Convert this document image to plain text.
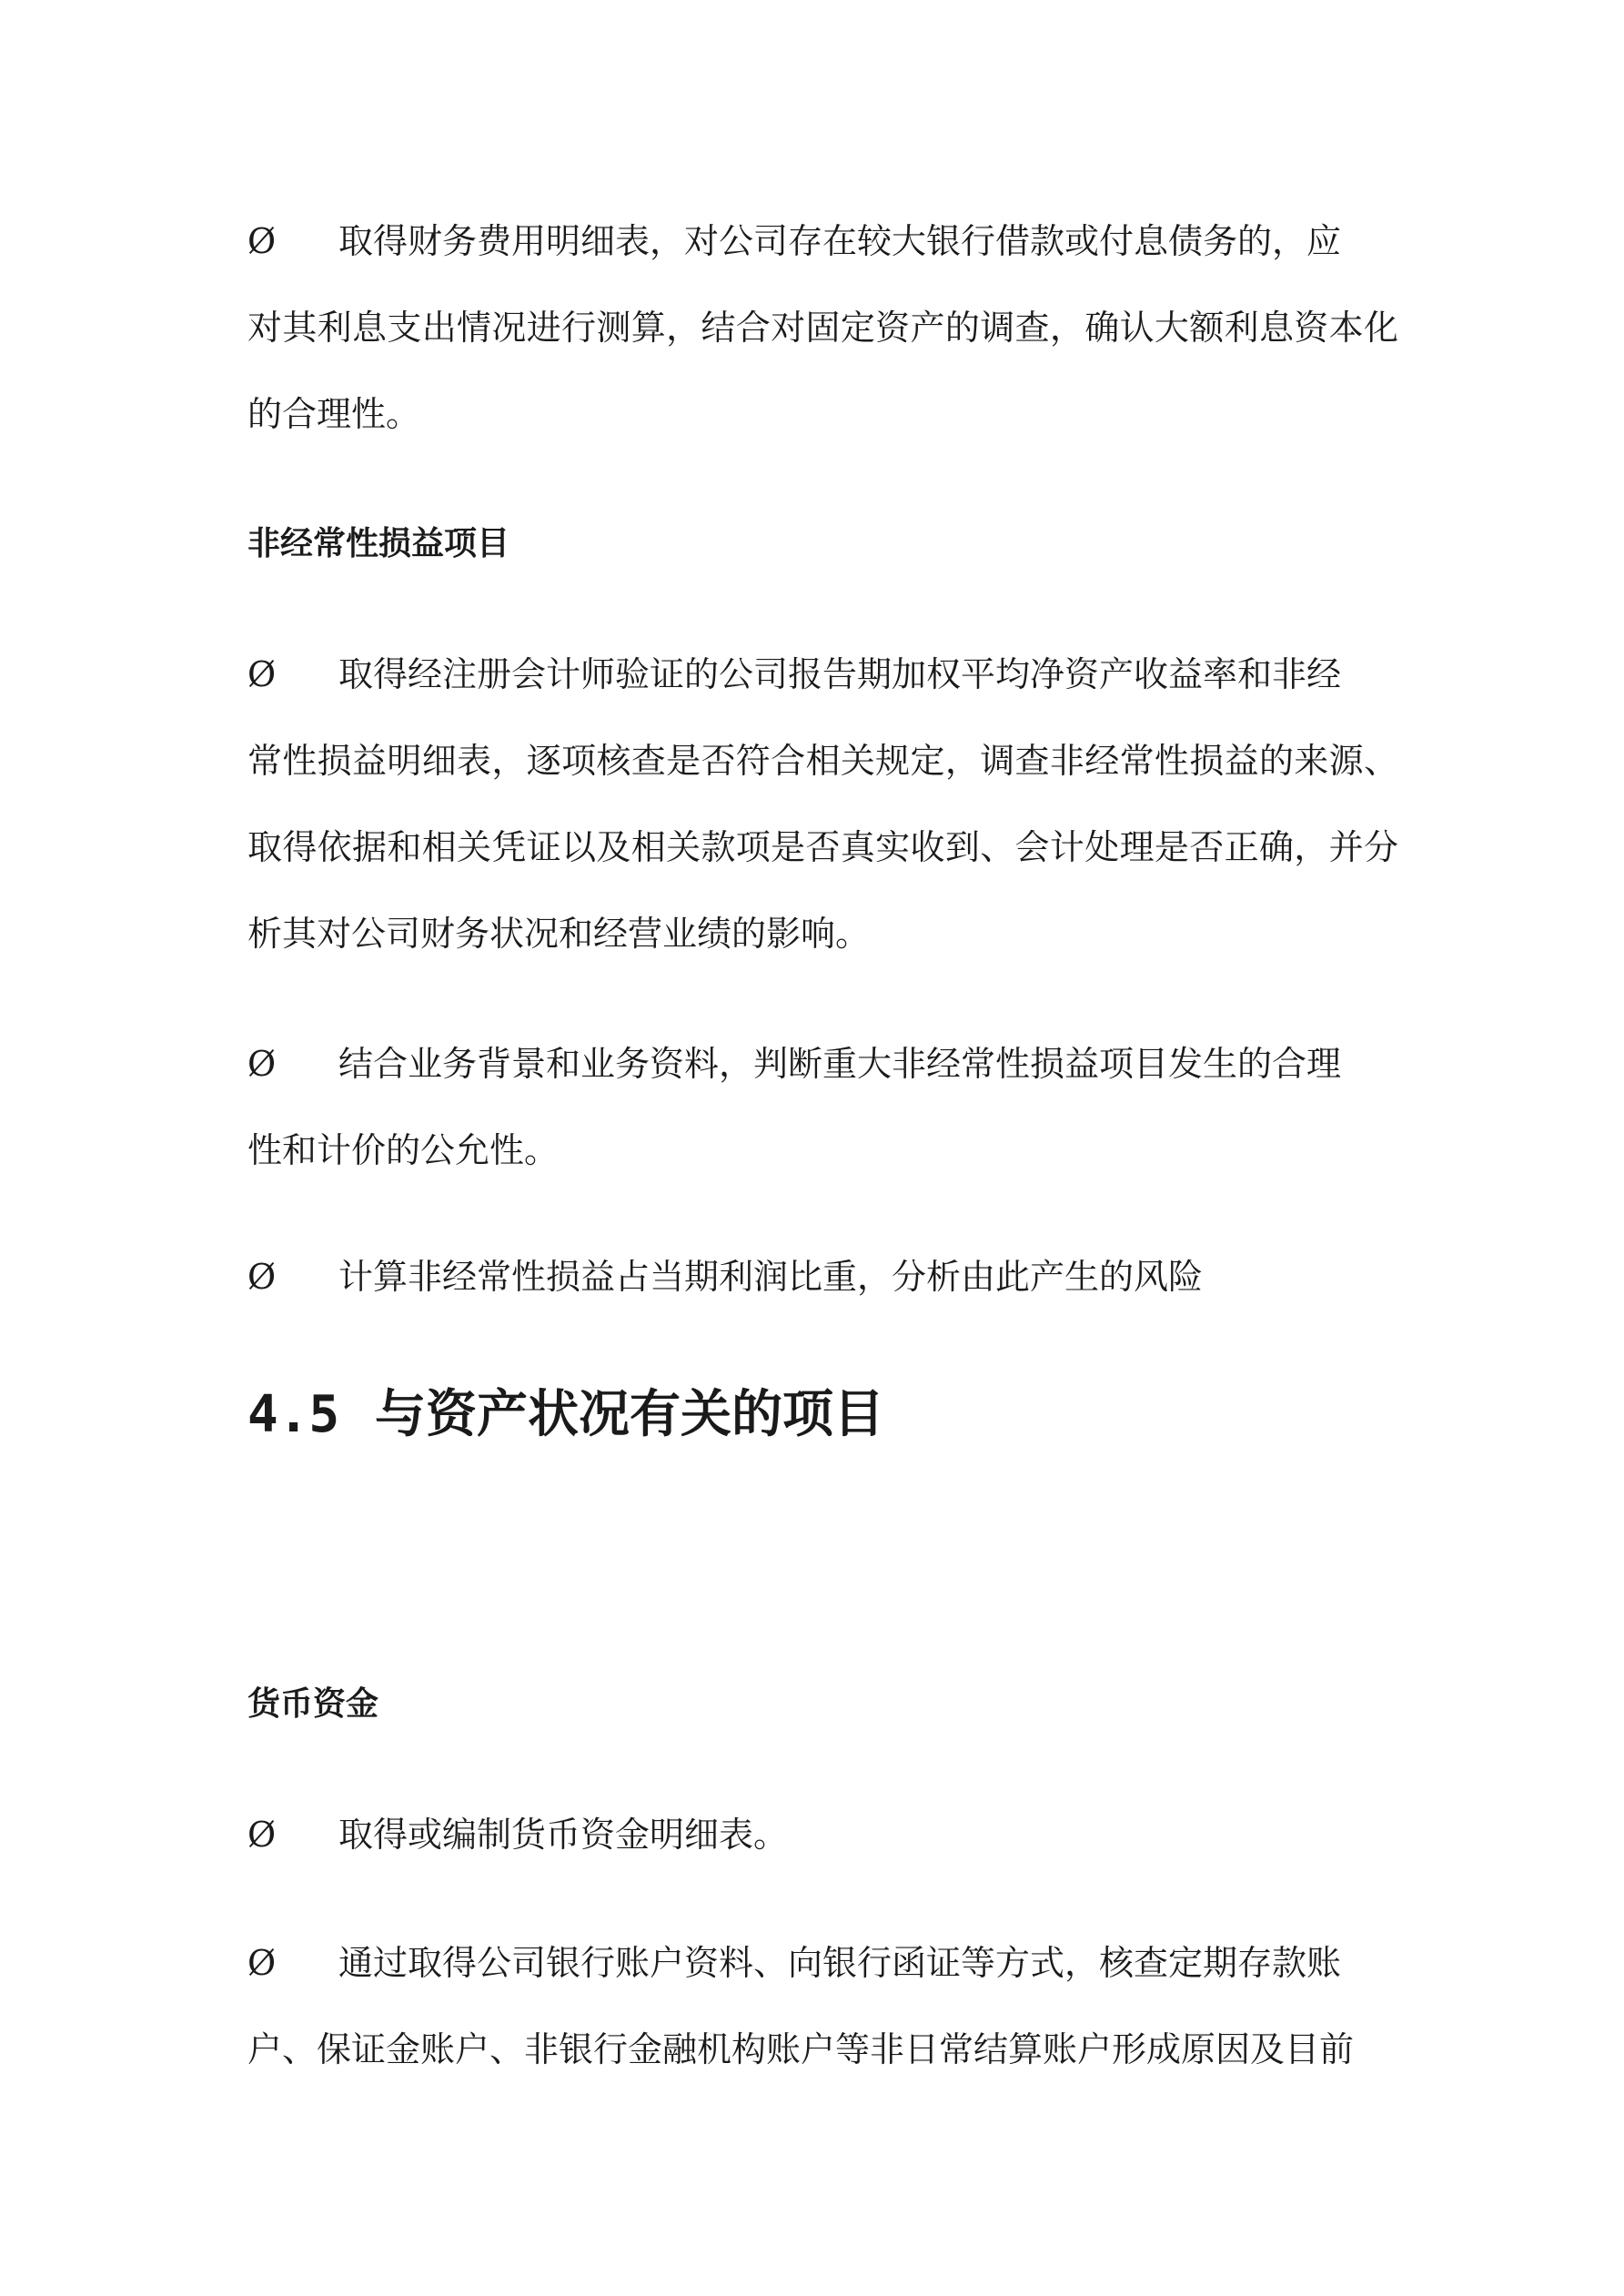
Ø 取得财务费用明细表，对公司存在较大银行借款或付息债务的，应
对其利息支出情况进行测算，结合对固定资产的调查，确认大额利息资本化的合理性。

非经常性损益项目

Ø 取得经注册会计师验证的公司报告期加权平均净资产收益率和非经
常性损益明细表，逐项核查是否符合相关规定，调查非经常性损益的来源、取得依据和相关凭证以及相关款项是否真实收到、会计处理是否正确，并分析其对公司财务状况和经营业绩的影响。

Ø 结合业务背景和业务资料，判断重大非经常性损益项目发生的合理
性和计价的公允性。

Ø 计算非经常性损益占当期利润比重，分析由此产生的风险

4.5 与资产状况有关的项目
货币资金

Ø 取得或编制货币资金明细表。

Ø 通过取得公司银行账户资料、向银行函证等方式，核查定期存款账
户、保证金账户、非银行金融机构账户等非日常结算账户形成原因及目前
